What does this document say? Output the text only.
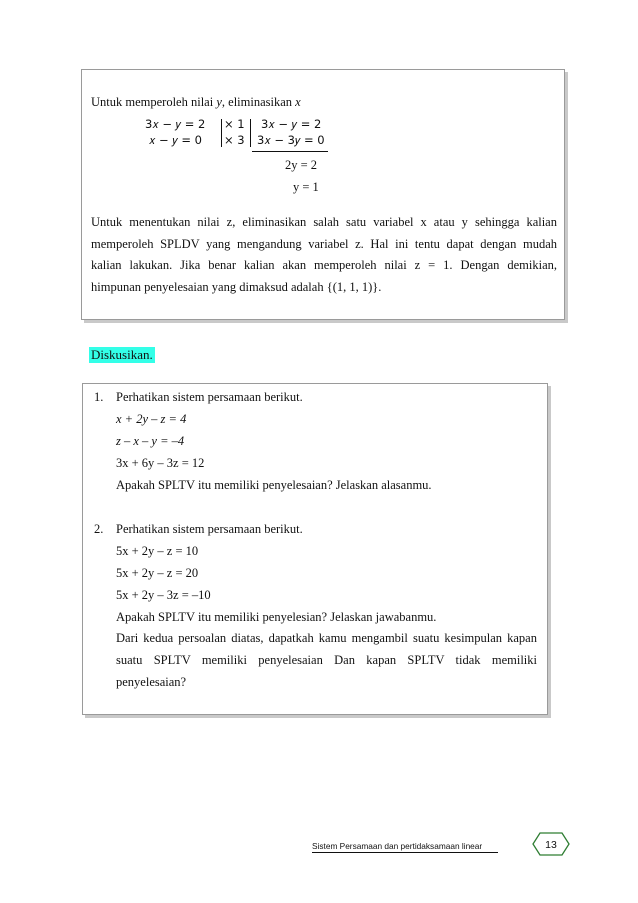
Untuk memperoleh nilai y, eliminasikan x
3𝑥 − 𝑦 = 2
𝑥 − 𝑦 = 0
× 1
× 3
3𝑥 − 𝑦 = 2
3𝑥 − 3𝑦 = 0
2y = 2
y = 1
Untuk menentukan nilai z, eliminasikan salah satu variabel x atau y sehingga kalian
memperoleh SPLDV yang mengandung variabel z. Hal ini tentu dapat dengan mudah
kalian lakukan. Jika benar kalian akan memperoleh nilai z = 1. Dengan demikian,
himpunan penyelesaian yang dimaksud adalah {(1, 1, 1)}.
Diskusikan.
1. Perhatikan sistem persamaan berikut.
x + 2y – z = 4
z – x – y = –4
3x + 6y – 3z = 12
Apakah SPLTV itu memiliki penyelesaian? Jelaskan alasanmu.
2. Perhatikan sistem persamaan berikut.
5x + 2y – z = 10
5x + 2y – z = 20
5x + 2y – 3z = –10
Apakah SPLTV itu memiliki penyelesian? Jelaskan jawabanmu.
Dari kedua persoalan diatas, dapatkah kamu mengambil suatu kesimpulan kapan
suatu SPLTV memiliki penyelesaian Dan kapan SPLTV tidak memiliki
penyelesaian?
Sistem Persamaan dan pertidaksamaan linear	13
